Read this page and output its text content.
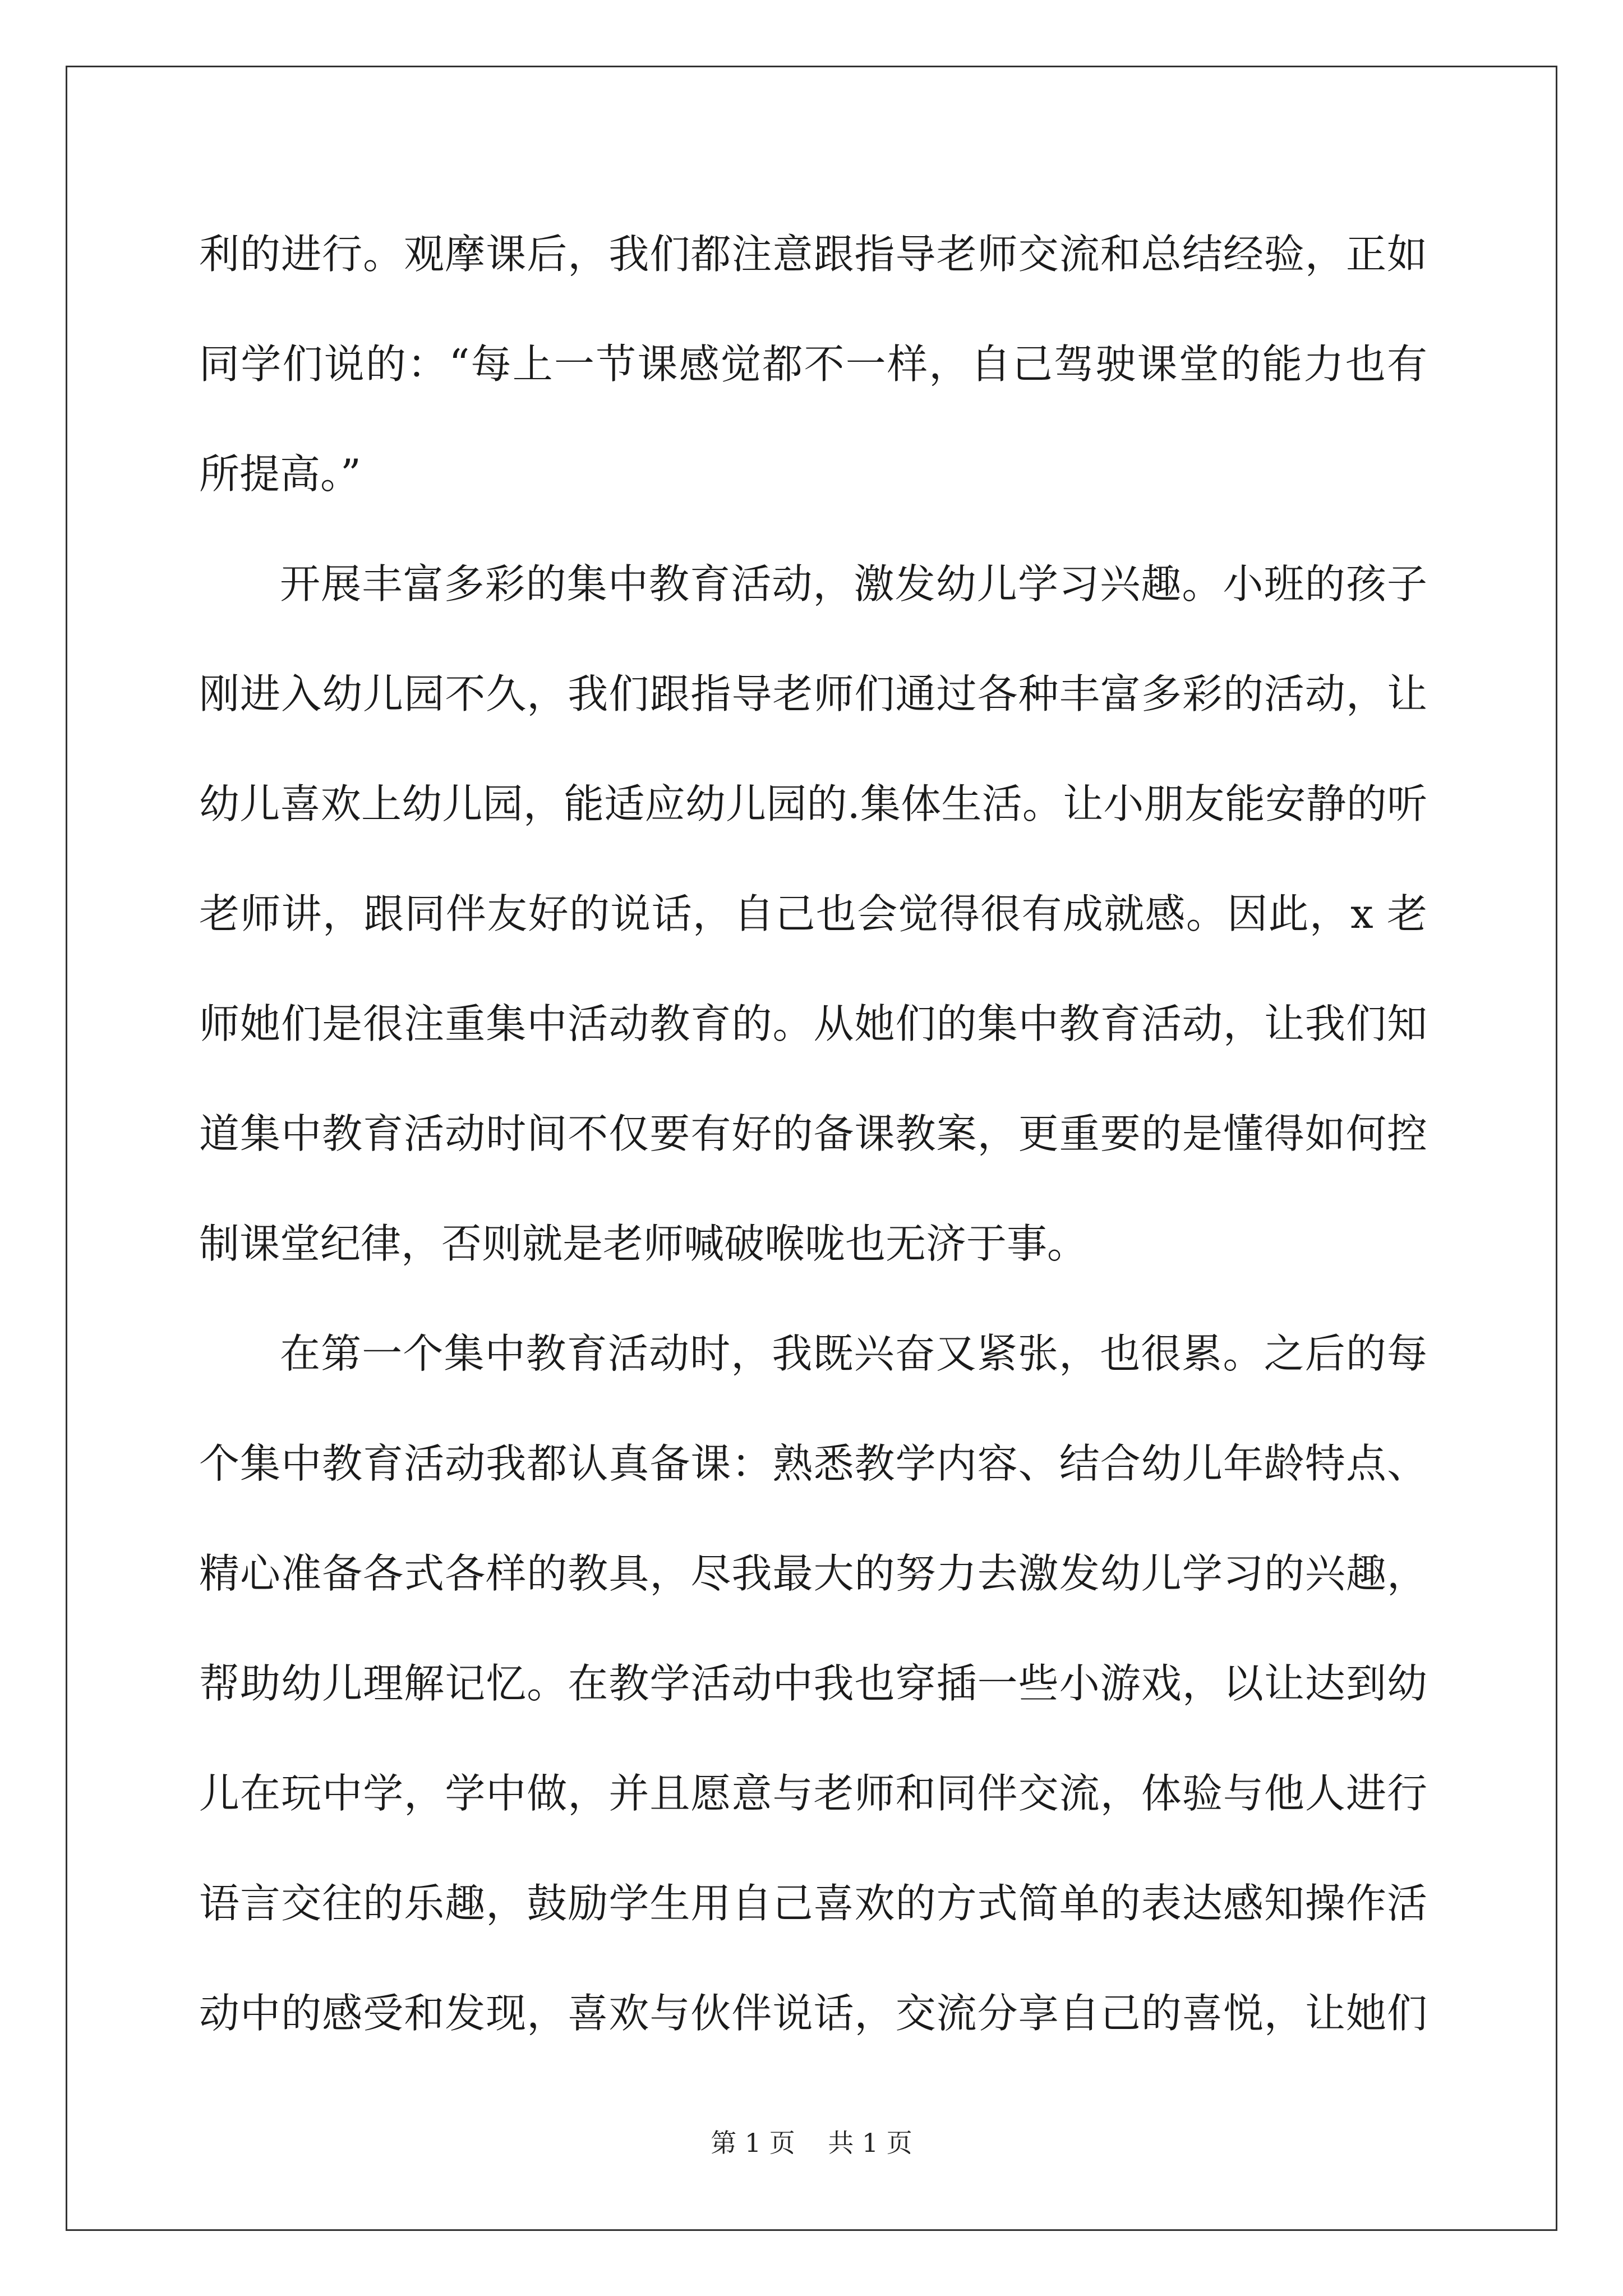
利的进行。观摩课后，我们都注意跟指导老师交流和总结经验，正如
同学们说的：“每上一节课感觉都不一样，自己驾驶课堂的能力也有
所提高。”
开展丰富多彩的集中教育活动，激发幼儿学习兴趣。小班的孩子
刚进入幼儿园不久，我们跟指导老师们通过各种丰富多彩的活动，让
幼儿喜欢上幼儿园，能适应幼儿园的.集体生活。让小朋友能安静的听
老师讲，跟同伴友好的说话，自己也会觉得很有成就感。因此，x 老
师她们是很注重集中活动教育的。从她们的集中教育活动，让我们知
道集中教育活动时间不仅要有好的备课教案，更重要的是懂得如何控
制课堂纪律，否则就是老师喊破喉咙也无济于事。
在第一个集中教育活动时，我既兴奋又紧张，也很累。之后的每
个集中教育活动我都认真备课：熟悉教学内容、结合幼儿年龄特点、
精心准备各式各样的教具，尽我最大的努力去激发幼儿学习的兴趣，
帮助幼儿理解记忆。在教学活动中我也穿插一些小游戏，以让达到幼
儿在玩中学，学中做，并且愿意与老师和同伴交流，体验与他人进行
语言交往的乐趣，鼓励学生用自己喜欢的方式简单的表达感知操作活
动中的感受和发现，喜欢与伙伴说话，交流分享自己的喜悦，让她们
第 1 页 共 1 页
